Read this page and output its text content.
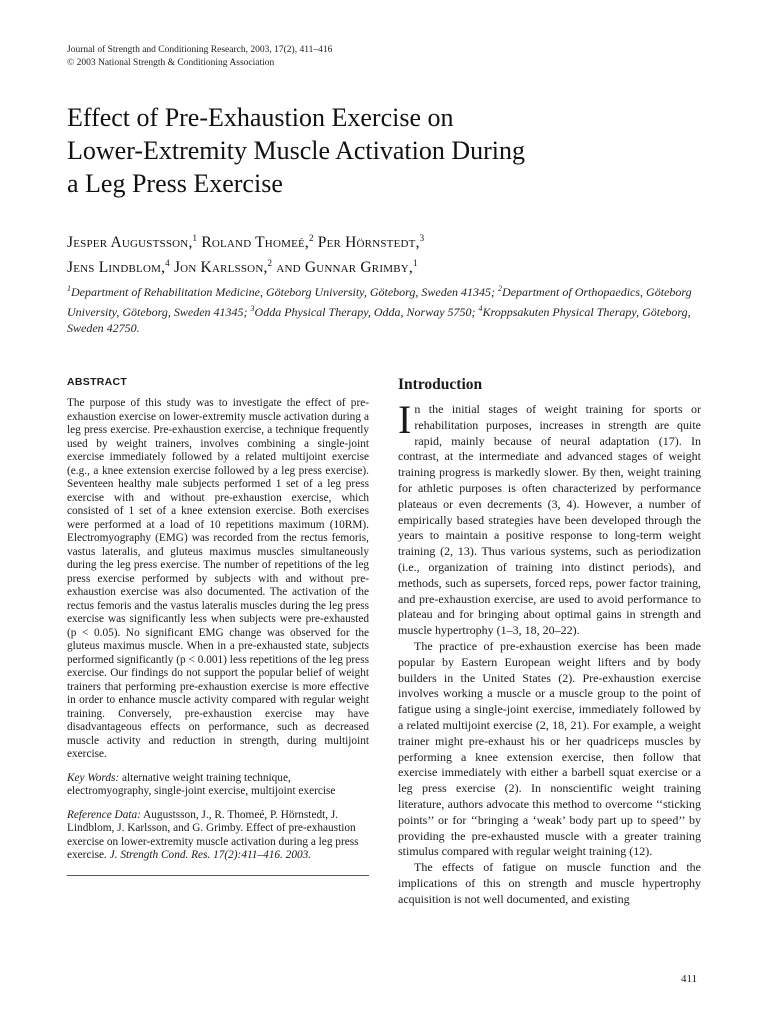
Journal of Strength and Conditioning Research, 2003, 17(2), 411–416
© 2003 National Strength & Conditioning Association
Effect of Pre-Exhaustion Exercise on
Lower-Extremity Muscle Activation During
a Leg Press Exercise
Jesper Augustsson,$^1$ Roland Thomeé,$^2$ Per Hörnstedt,$^3$
Jens Lindblom,$^4$ Jon Karlsson,$^2$ and Gunnar Grimby,$^1$
$^1$Department of Rehabilitation Medicine, Göteborg University, Göteborg, Sweden 41345; $^2$Department of Orthopaedics, Göteborg University, Göteborg, Sweden 41345; $^3$Odda Physical Therapy, Odda, Norway 5750; $^4$Kroppsakuten Physical Therapy, Göteborg, Sweden 42750.
ABSTRACT

The purpose of this study was to investigate the effect of pre-exhaustion exercise on lower-extremity muscle activation during a leg press exercise. Pre-exhaustion exercise, a technique frequently used by weight trainers, involves combining a single-joint exercise immediately followed by a related multijoint exercise (e.g., a knee extension exercise followed by a leg press exercise). Seventeen healthy male subjects performed 1 set of a leg press exercise with and without pre-exhaustion exercise, which consisted of 1 set of a knee extension exercise. Both exercises were performed at a load of 10 repetitions maximum (10RM). Electromyography (EMG) was recorded from the rectus femoris, vastus lateralis, and gluteus maximus muscles simultaneously during the leg press exercise. The number of repetitions of the leg press exercise performed by subjects with and without pre-exhaustion exercise was also documented. The activation of the rectus femoris and the vastus lateralis muscles during the leg press exercise was significantly less when subjects were pre-exhausted (p < 0.05). No significant EMG change was observed for the gluteus maximus muscle. When in a pre-exhausted state, subjects performed significantly (p < 0.001) less repetitions of the leg press exercise. Our findings do not support the popular belief of weight trainers that performing pre-exhaustion exercise is more effective in order to enhance muscle activity compared with regular weight training. Conversely, pre-exhaustion exercise may have disadvantageous effects on performance, such as decreased muscle activity and reduction in strength, during multijoint exercise.

Key Words: alternative weight training technique, electromyography, single-joint exercise, multijoint exercise

Reference Data: Augustsson, J., R. Thomeé, P. Hörnstedt, J. Lindblom, J. Karlsson, and G. Grimby. Effect of pre-exhaustion exercise on lower-extremity muscle activation during a leg press exercise. J. Strength Cond. Res. 17(2):411–416. 2003.

Introduction

In the initial stages of weight training for sports or rehabilitation purposes, increases in strength are quite rapid, mainly because of neural adaptation (17). In contrast, at the intermediate and advanced stages of weight training progress is markedly slower. By then, weight training for athletic purposes is often characterized by performance plateaus or even decrements (3, 4). However, a number of empirically based strategies have been developed through the years to maintain a positive response to long-term weight training (2, 13). Thus various systems, such as periodization (i.e., organization of training into distinct periods), and methods, such as supersets, forced reps, power factor training, and pre-exhaustion exercise, are used to avoid performance to plateau and for bringing about optimal gains in strength and muscle hypertrophy (1–3, 18, 20–22).

The practice of pre-exhaustion exercise has been made popular by Eastern European weight lifters and by body builders in the United States (2). Pre-exhaustion exercise involves working a muscle or a muscle group to the point of fatigue using a single-joint exercise, immediately followed by a related multijoint exercise (2, 18, 21). For example, a weight trainer might pre-exhaust his or her quadriceps muscles by performing a knee extension exercise, then follow that exercise immediately with either a barbell squat exercise or a leg press exercise (2). In nonscientific weight training literature, authors advocate this method to overcome ‘‘sticking points’’ or for ‘‘bringing a ‘weak’ body part up to speed’’ by providing the pre-exhausted muscle with a greater training stimulus compared with regular weight training (12).

The effects of fatigue on muscle function and the implications of this on strength and muscle hypertrophy acquisition is not well documented, and existing

411
